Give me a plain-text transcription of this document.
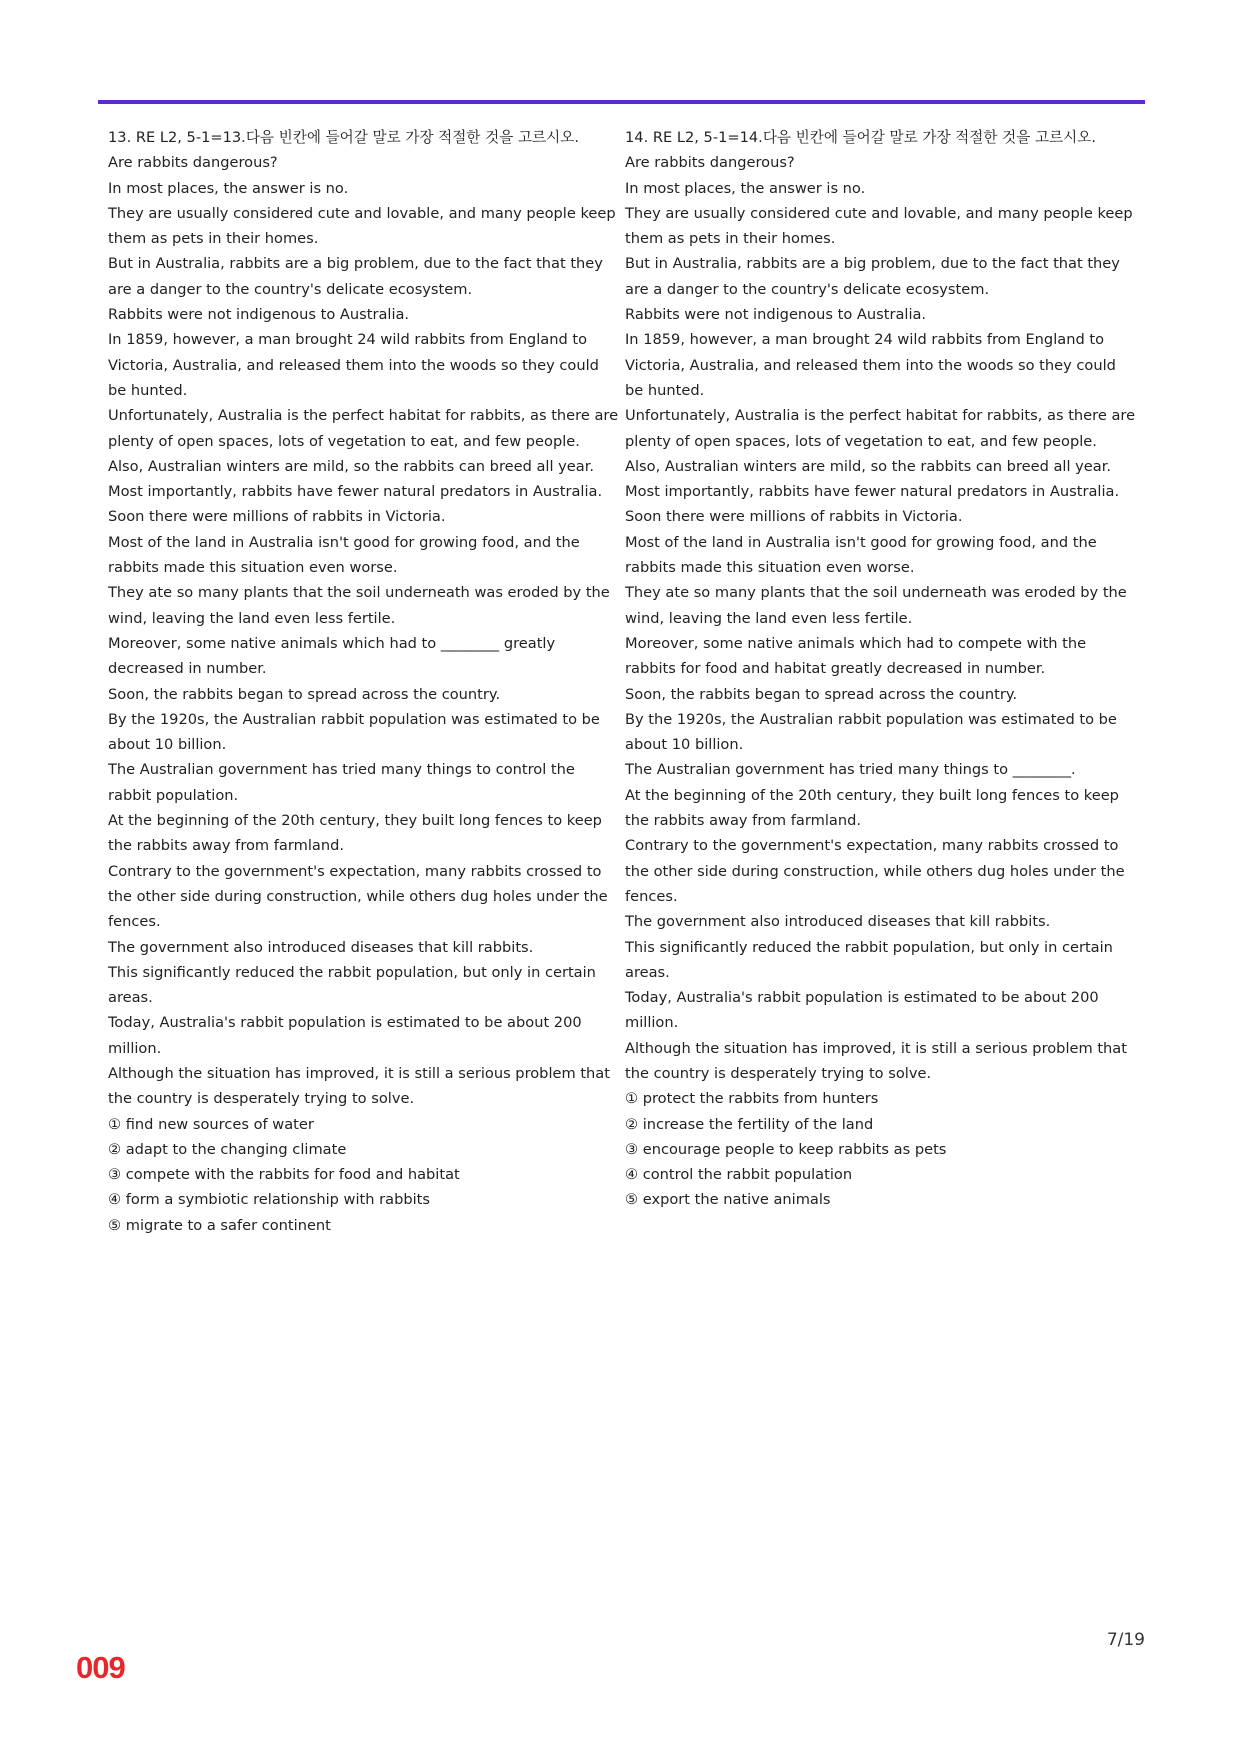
13. RE L2, 5-1=13.다음 빈칸에 들어갈 말로 가장 적절한 것을 고르시오.
Are rabbits dangerous?
In most places, the answer is no.
They are usually considered cute and lovable, and many people keep them as pets in their homes.
But in Australia, rabbits are a big problem, due to the fact that they are a danger to the country's delicate ecosystem.
Rabbits were not indigenous to Australia.
In 1859, however, a man brought 24 wild rabbits from England to Victoria, Australia, and released them into the woods so they could be hunted.
Unfortunately, Australia is the perfect habitat for rabbits, as there are plenty of open spaces, lots of vegetation to eat, and few people.
Also, Australian winters are mild, so the rabbits can breed all year.
Most importantly, rabbits have fewer natural predators in Australia.
Soon there were millions of rabbits in Victoria.
Most of the land in Australia isn't good for growing food, and the rabbits made this situation even worse.
They ate so many plants that the soil underneath was eroded by the wind, leaving the land even less fertile.
Moreover, some native animals which had to ________ greatly decreased in number.
Soon, the rabbits began to spread across the country.
By the 1920s, the Australian rabbit population was estimated to be about 10 billion.
The Australian government has tried many things to control the rabbit population.
At the beginning of the 20th century, they built long fences to keep the rabbits away from farmland.
Contrary to the government's expectation, many rabbits crossed to the other side during construction, while others dug holes under the fences.
The government also introduced diseases that kill rabbits.
This significantly reduced the rabbit population, but only in certain areas.
Today, Australia's rabbit population is estimated to be about 200 million.
Although the situation has improved, it is still a serious problem that the country is desperately trying to solve.
① find new sources of water
② adapt to the changing climate
③ compete with the rabbits for food and habitat
④ form a symbiotic relationship with rabbits
⑤ migrate to a safer continent
14. RE L2, 5-1=14.다음 빈칸에 들어갈 말로 가장 적절한 것을 고르시오.
Are rabbits dangerous?
In most places, the answer is no.
They are usually considered cute and lovable, and many people keep them as pets in their homes.
But in Australia, rabbits are a big problem, due to the fact that they are a danger to the country's delicate ecosystem.
Rabbits were not indigenous to Australia.
In 1859, however, a man brought 24 wild rabbits from England to Victoria, Australia, and released them into the woods so they could be hunted.
Unfortunately, Australia is the perfect habitat for rabbits, as there are plenty of open spaces, lots of vegetation to eat, and few people.
Also, Australian winters are mild, so the rabbits can breed all year.
Most importantly, rabbits have fewer natural predators in Australia.
Soon there were millions of rabbits in Victoria.
Most of the land in Australia isn't good for growing food, and the rabbits made this situation even worse.
They ate so many plants that the soil underneath was eroded by the wind, leaving the land even less fertile.
Moreover, some native animals which had to compete with the rabbits for food and habitat greatly decreased in number.
Soon, the rabbits began to spread across the country.
By the 1920s, the Australian rabbit population was estimated to be about 10 billion.
The Australian government has tried many things to ________.
At the beginning of the 20th century, they built long fences to keep the rabbits away from farmland.
Contrary to the government's expectation, many rabbits crossed to the other side during construction, while others dug holes under the fences.
The government also introduced diseases that kill rabbits.
This significantly reduced the rabbit population, but only in certain areas.
Today, Australia's rabbit population is estimated to be about 200 million.
Although the situation has improved, it is still a serious problem that the country is desperately trying to solve.
① protect the rabbits from hunters
② increase the fertility of the land
③ encourage people to keep rabbits as pets
④ control the rabbit population
⑤ export the native animals
7/19
009
